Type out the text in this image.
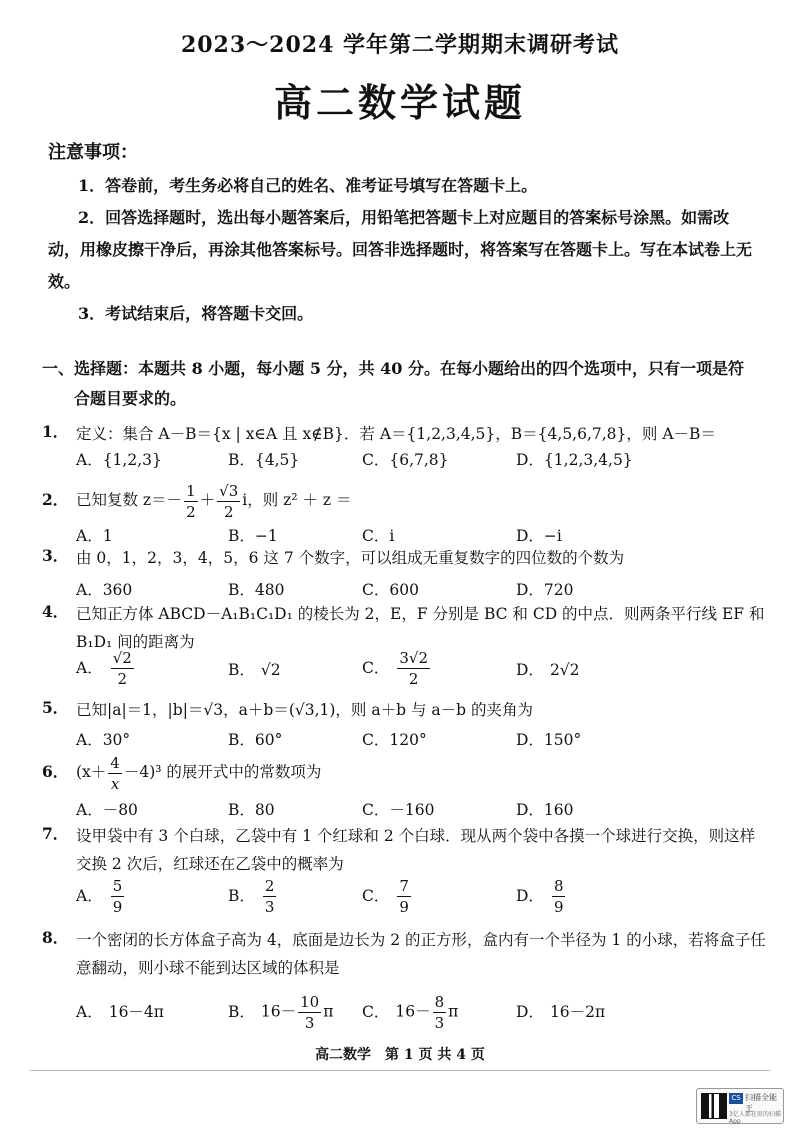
2023～2024 学年第二学期期末调研考试
高二数学试题
注意事项：
1．答卷前，考生务必将自己的姓名、准考证号填写在答题卡上。
2．回答选择题时，选出每小题答案后，用铅笔把答题卡上对应题目的答案标号涂黑。如需改动，用橡皮擦干净后，再涂其他答案标号。回答非选择题时，将答案写在答题卡上。写在本试卷上无效。
3．考试结束后，将答题卡交回。
一、选择题：本题共 8 小题，每小题 5 分，共 40 分。在每小题给出的四个选项中，只有一项是符
合题目要求的。
1． 定义：集合 A－B＝{x | x∈A 且 x∉B}．若 A＝{1,2,3,4,5}，B＝{4,5,6,7,8}，则 A－B＝
A．{1,2,3}	B．{4,5}	C．{6,7,8}	D．{1,2,3,4,5}
2． 已知复数 $z=- \frac{1}{2} + \frac{√3}{2}$ i，则 z² ＋ z ＝
A．1	B．−1	C．i	D．−i
3． 由 0，1，2，3，4，5，6 这 7 个数字，可以组成无重复数字的四位数的个数为
A．360	B．480	C．600	D．720
4． 已知正方体 ABCD－A₁B₁C₁D₁ 的棱长为 2，E，F 分别是 BC 和 CD 的中点．则两条平行线 EF 和 B₁D₁ 间的距离为
A． $\frac{√2}{2}$	B． √2	C． $\frac{3√2}{2}$	D． 2√2
5． 已知|a|＝1，|b|＝√3，a＋b＝(√3,1)，则 a＋b 与 a－b 的夹角为
A．30°	B．60°	C．120°	D．150°
6． $(x+ \frac{4}{x} -4)^3$ 的展开式中的常数项为
A．－80	B．80	C．－160	D．160
7． 设甲袋中有 3 个白球，乙袋中有 1 个红球和 2 个白球．现从两个袋中各摸一个球进行交换，则这样交换 2 次后，红球还在乙袋中的概率为
A． $\frac{5}{9}$	B． $\frac{2}{3}$	C． $\frac{7}{9}$	D． $\frac{8}{9}$
8． 一个密闭的长方体盒子高为 4，底面是边长为 2 的正方形，盒内有一个半径为 1 的小球，若将盒子任意翻动，则小球不能到达区域的体积是
A． 16－4π	B． $16- \frac{10}{3}$ π C． $16- \frac{8}{3}$ π	D． 16－2π
高二数学　第 1 页 共 4 页
CS 扫描全能王
3亿人都在用的扫描App
